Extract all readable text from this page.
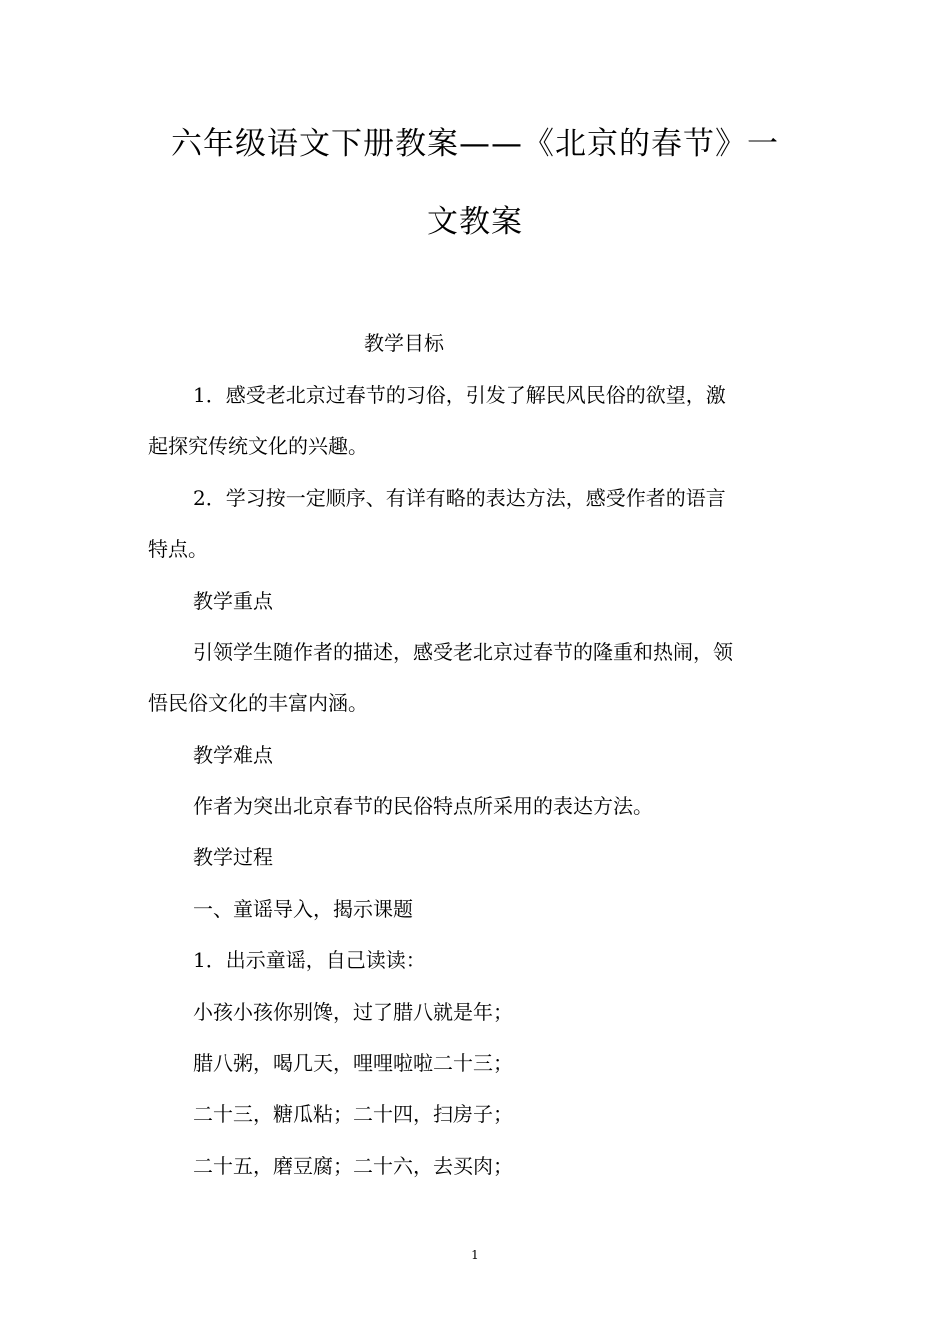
六年级语文下册教案——《北京的春节》一
文教案
教学目标
1．感受老北京过春节的习俗，引发了解民风民俗的欲望，激
起探究传统文化的兴趣。
2．学习按一定顺序、有详有略的表达方法，感受作者的语言
特点。
教学重点
引领学生随作者的描述，感受老北京过春节的隆重和热闹，领
悟民俗文化的丰富内涵。
教学难点
作者为突出北京春节的民俗特点所采用的表达方法。
教学过程
一、童谣导入，揭示课题
1．出示童谣，自己读读：
小孩小孩你别馋，过了腊八就是年；
腊八粥，喝几天，哩哩啦啦二十三；
二十三，糖瓜粘；二十四，扫房子；
二十五，磨豆腐；二十六，去买肉；
1
